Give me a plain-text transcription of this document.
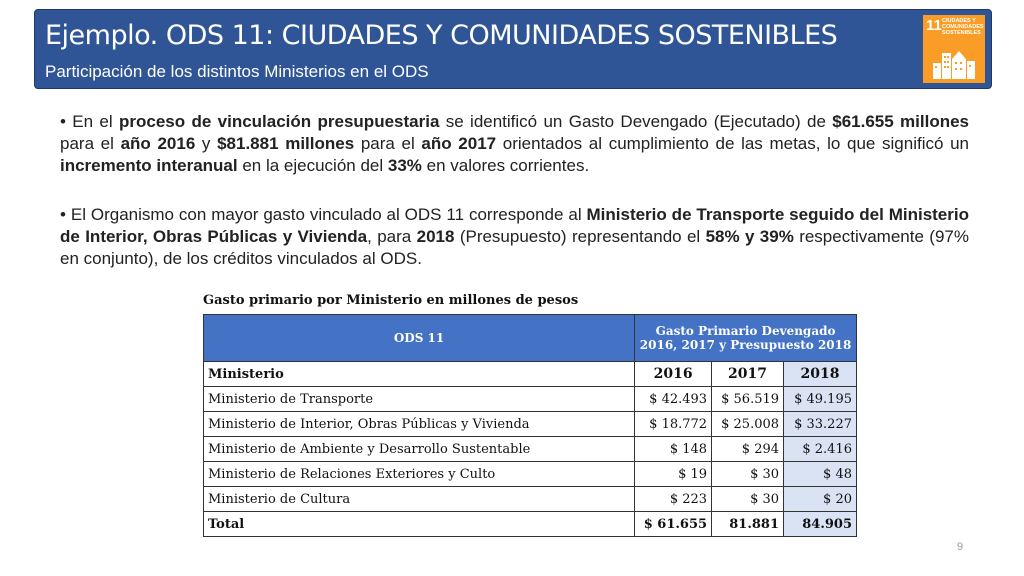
Ejemplo. ODS 11: CIUDADES Y COMUNIDADES SOSTENIBLES
Participación de los distintos Ministerios en el ODS
11 CIUDADES Y COMUNIDADES SOSTENIBLES
• En el proceso de vinculación presupuestaria se identificó un Gasto Devengado (Ejecutado) de $61.655 millones para el año 2016 y $81.881 millones para el año 2017 orientados al cumplimiento de las metas, lo que significó un incremento interanual en la ejecución del 33% en valores corrientes.
• El Organismo con mayor gasto vinculado al ODS 11 corresponde al Ministerio de Transporte seguido del Ministerio de Interior, Obras Públicas y Vivienda, para 2018 (Presupuesto) representando el 58% y 39% respectivamente (97% en conjunto), de los créditos vinculados al ODS.
Gasto primario por Ministerio en millones de pesos
ODS 11	Gasto Primario Devengado 2016, 2017 y Presupuesto 2018		
Ministerio	2016	2017	2018
Ministerio de Transporte	$ 42.493	$ 56.519	$ 49.195
Ministerio de Interior, Obras Públicas y Vivienda	$ 18.772	$ 25.008	$ 33.227
Ministerio de Ambiente y Desarrollo Sustentable	$ 148	$ 294	$ 2.416
Ministerio de Relaciones Exteriores y Culto	$ 19	$ 30	$ 48
Ministerio de Cultura	$ 223	$ 30	$ 20
Total	$ 61.655	81.881	84.905
9
